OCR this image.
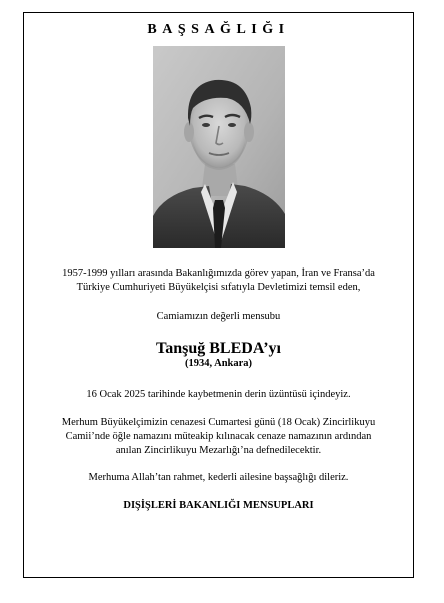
BAŞSAĞLIĞI
1957-1999 yılları arasında Bakanlığımızda görev yapan, İran ve Fransa’da
Türkiye Cumhuriyeti Büyükelçisi sıfatıyla Devletimizi temsil eden,
Camiamızın değerli mensubu
Tanşuğ BLEDA’yı
(1934, Ankara)
16 Ocak 2025 tarihinde kaybetmenin derin üzüntüsü içindeyiz.
Merhum Büyükelçimizin cenazesi Cumartesi günü (18 Ocak) Zincirlikuyu
Camii’nde öğle namazını müteakip kılınacak cenaze namazının ardından
anılan Zincirlikuyu Mezarlığı’na defnedilecektir.
Merhuma Allah’tan rahmet, kederli ailesine başsağlığı dileriz.
DIŞİŞLERİ BAKANLIĞI MENSUPLARI
